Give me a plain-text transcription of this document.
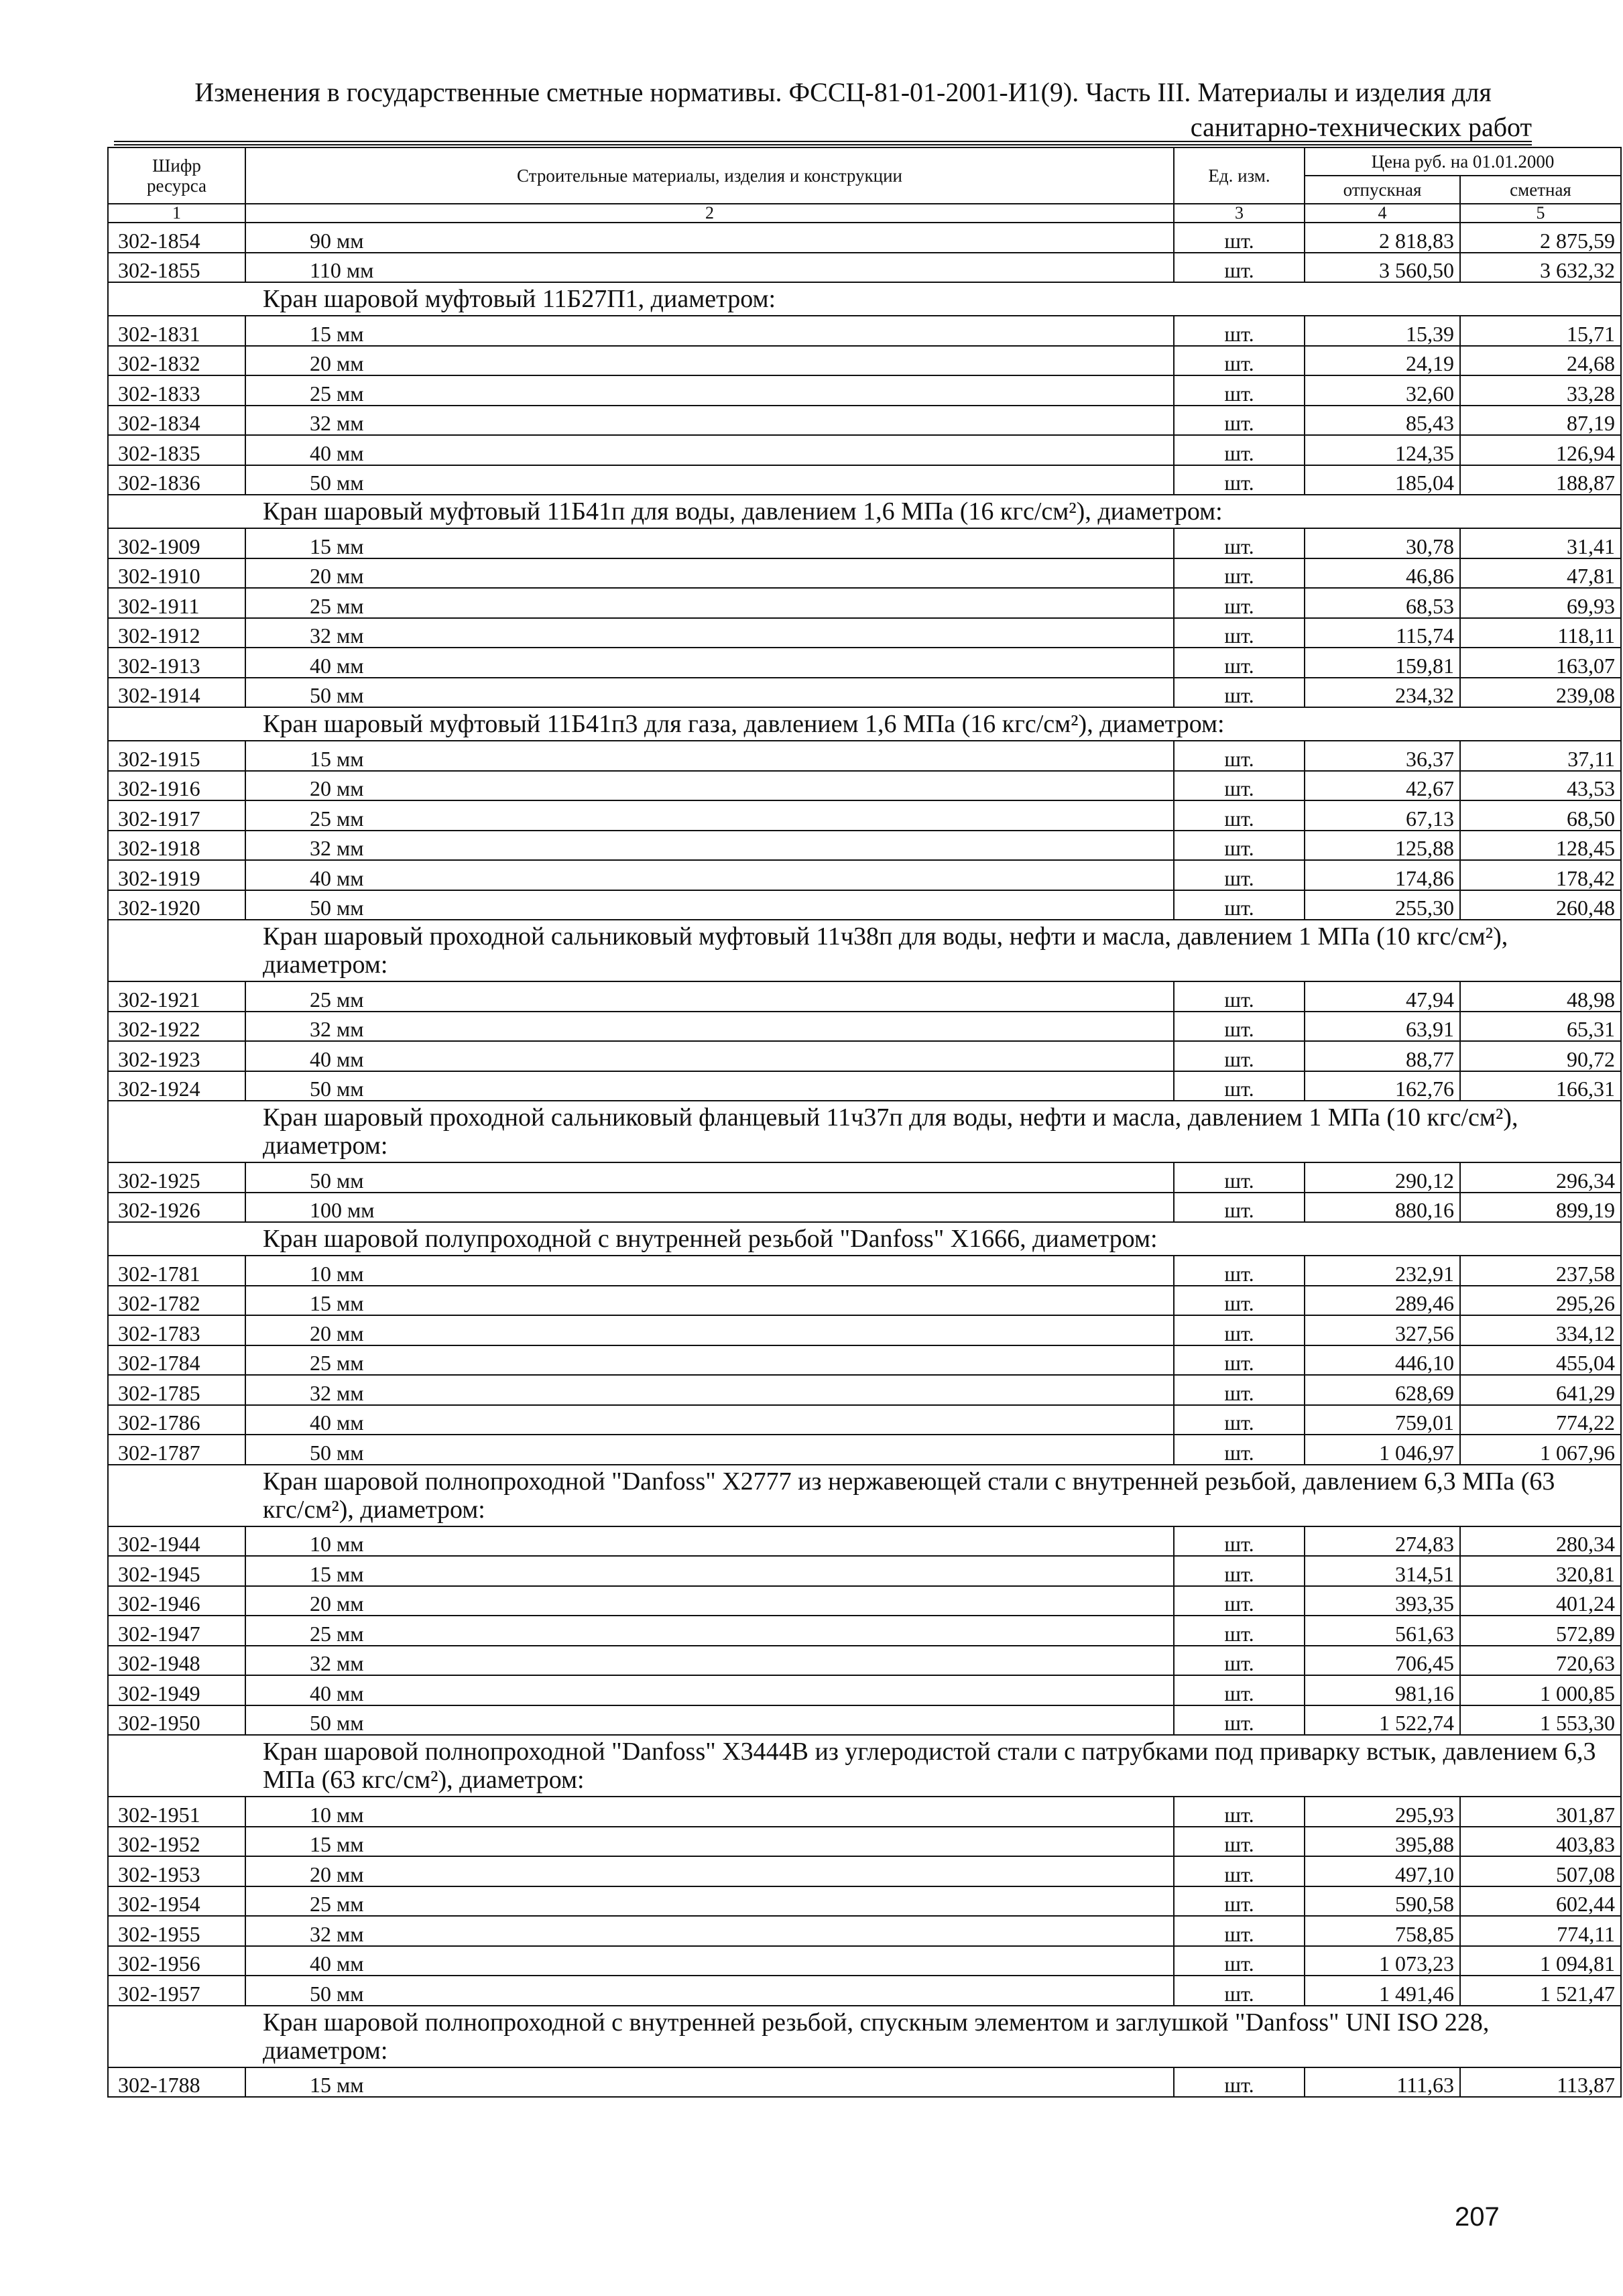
Изменения в государственные сметные нормативы. ФССЦ-81-01-2001-И1(9). Часть III. Материалы и изделия для
санитарно-технических работ
Шифр ресурса	Строительные материалы, изделия и конструкции	Ед. изм.	Цена руб. на 01.01.2000	
			отпускная	сметная
1	2	3	4	5
302-1854	90 мм	шт.	2 818,83	2 875,59
302-1855	110 мм	шт.	3 560,50	3 632,32
Кран шаровой муфтовый 11Б27П1, диаметром:				
302-1831	15 мм	шт.	15,39	15,71
302-1832	20 мм	шт.	24,19	24,68
302-1833	25 мм	шт.	32,60	33,28
302-1834	32 мм	шт.	85,43	87,19
302-1835	40 мм	шт.	124,35	126,94
302-1836	50 мм	шт.	185,04	188,87
Кран шаровый муфтовый 11Б41п для воды, давлением 1,6 МПа (16 кгс/см²), диаметром:				
302-1909	15 мм	шт.	30,78	31,41
302-1910	20 мм	шт.	46,86	47,81
302-1911	25 мм	шт.	68,53	69,93
302-1912	32 мм	шт.	115,74	118,11
302-1913	40 мм	шт.	159,81	163,07
302-1914	50 мм	шт.	234,32	239,08
Кран шаровый муфтовый 11Б41п3 для газа, давлением 1,6 МПа (16 кгс/см²), диаметром:				
302-1915	15 мм	шт.	36,37	37,11
302-1916	20 мм	шт.	42,67	43,53
302-1917	25 мм	шт.	67,13	68,50
302-1918	32 мм	шт.	125,88	128,45
302-1919	40 мм	шт.	174,86	178,42
302-1920	50 мм	шт.	255,30	260,48
Кран шаровый проходной сальниковый муфтовый 11ч38п для воды, нефти и масла, давлением 1 МПа (10 кгс/см²), диаметром:				
302-1921	25 мм	шт.	47,94	48,98
302-1922	32 мм	шт.	63,91	65,31
302-1923	40 мм	шт.	88,77	90,72
302-1924	50 мм	шт.	162,76	166,31
Кран шаровый проходной сальниковый фланцевый 11ч37п для воды, нефти и масла, давлением 1 МПа (10 кгс/см²), диаметром:				
302-1925	50 мм	шт.	290,12	296,34
302-1926	100 мм	шт.	880,16	899,19
Кран шаровой полупроходной с внутренней резьбой "Danfoss" X1666, диаметром:				
302-1781	10 мм	шт.	232,91	237,58
302-1782	15 мм	шт.	289,46	295,26
302-1783	20 мм	шт.	327,56	334,12
302-1784	25 мм	шт.	446,10	455,04
302-1785	32 мм	шт.	628,69	641,29
302-1786	40 мм	шт.	759,01	774,22
302-1787	50 мм	шт.	1 046,97	1 067,96
Кран шаровой полнопроходной "Danfoss" X2777 из нержавеющей стали с внутренней резьбой, давлением 6,3 МПа (63 кгс/см²), диаметром:				
302-1944	10 мм	шт.	274,83	280,34
302-1945	15 мм	шт.	314,51	320,81
302-1946	20 мм	шт.	393,35	401,24
302-1947	25 мм	шт.	561,63	572,89
302-1948	32 мм	шт.	706,45	720,63
302-1949	40 мм	шт.	981,16	1 000,85
302-1950	50 мм	шт.	1 522,74	1 553,30
Кран шаровой полнопроходной "Danfoss" X3444B из углеродистой стали с патрубками под приварку встык, давлением 6,3 МПа (63 кгс/см²), диаметром:				
302-1951	10 мм	шт.	295,93	301,87
302-1952	15 мм	шт.	395,88	403,83
302-1953	20 мм	шт.	497,10	507,08
302-1954	25 мм	шт.	590,58	602,44
302-1955	32 мм	шт.	758,85	774,11
302-1956	40 мм	шт.	1 073,23	1 094,81
302-1957	50 мм	шт.	1 491,46	1 521,47
Кран шаровой полнопроходной с внутренней резьбой, спускным элементом и заглушкой "Danfoss" UNI ISO 228, диаметром:				
302-1788	15 мм	шт.	111,63	113,87
207
